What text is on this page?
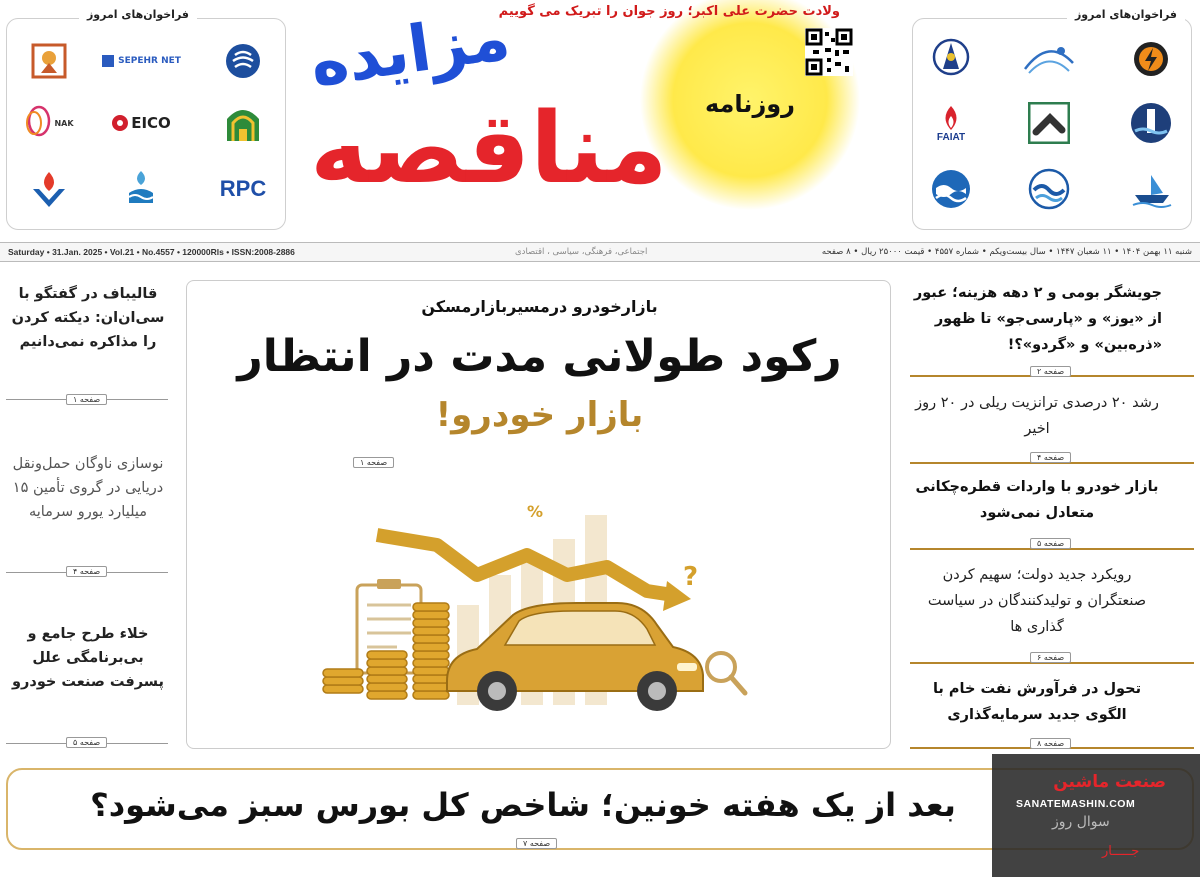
فراخوان‌های امروز
SEPEHR NET
NAK	EICO
RPC
فراخوان‌های امروز
FAIAT
ولادت حضرت علی اکبر؛ روز جوان را تبریک می گوییم
روزنامه
مزایده
مناقصه
Saturday • 31.Jan. 2025 • Vol.21 • No.4557 • 120000Rls • ISSN:2008-2886	اجتماعی، فرهنگی، سیاسی ، اقتصادی	شنبه ۱۱ بهمن ۱۴۰۴ • ۱۱ شعبان ۱۴۴۷ • سال بیست‌ویکم • شماره ۴۵۵۷ • قیمت ۲۵۰۰۰ ریال • ۸ صفحه
قالیباف در گفتگو با سی‌ان‌ان: دیکته کردن را مذاکره نمی‌دانیم
صفحه ۱
نوسازی ناوگان حمل‌ونقل دریایی در گروی تأمین ۱۵ میلیارد یورو سرمایه
صفحه ۴
خلاء طرح جامع و بی‌برنامگی علل پسرفت صنعت خودرو
صفحه ۵
بازارخودرو درمسیربازارمسکن
رکود طولانی مدت در انتظار
بازار خودرو!
صفحه ۱
%
?
جویشگر بومی و ۲ دهه هزینه؛ عبور از «یوز» و «پارسی‌جو» تا ظهور «ذره‌بین» و «گردو»؟!
صفحه ۲
رشد ۲۰ درصدی ترانزیت ریلی در ۲۰ روز اخیر
صفحه ۴
بازار خودرو با واردات قطره‌چکانی متعادل نمی‌شود
صفحه ۵
رویکرد جدید دولت؛ سهیم کردن صنعتگران و تولیدکنندگان در سیاست گذاری ها
صفحه ۶
تحول در فرآورش نفت خام با الگوی جدید سرمایه‌گذاری
صفحه ۸
بعد از یک هفته خونین؛ شاخص کل بورس سبز می‌شود؟
صفحه ۷
صنعت ماشین
SANATEMASHIN.COM
سوال روز
جـــــار
